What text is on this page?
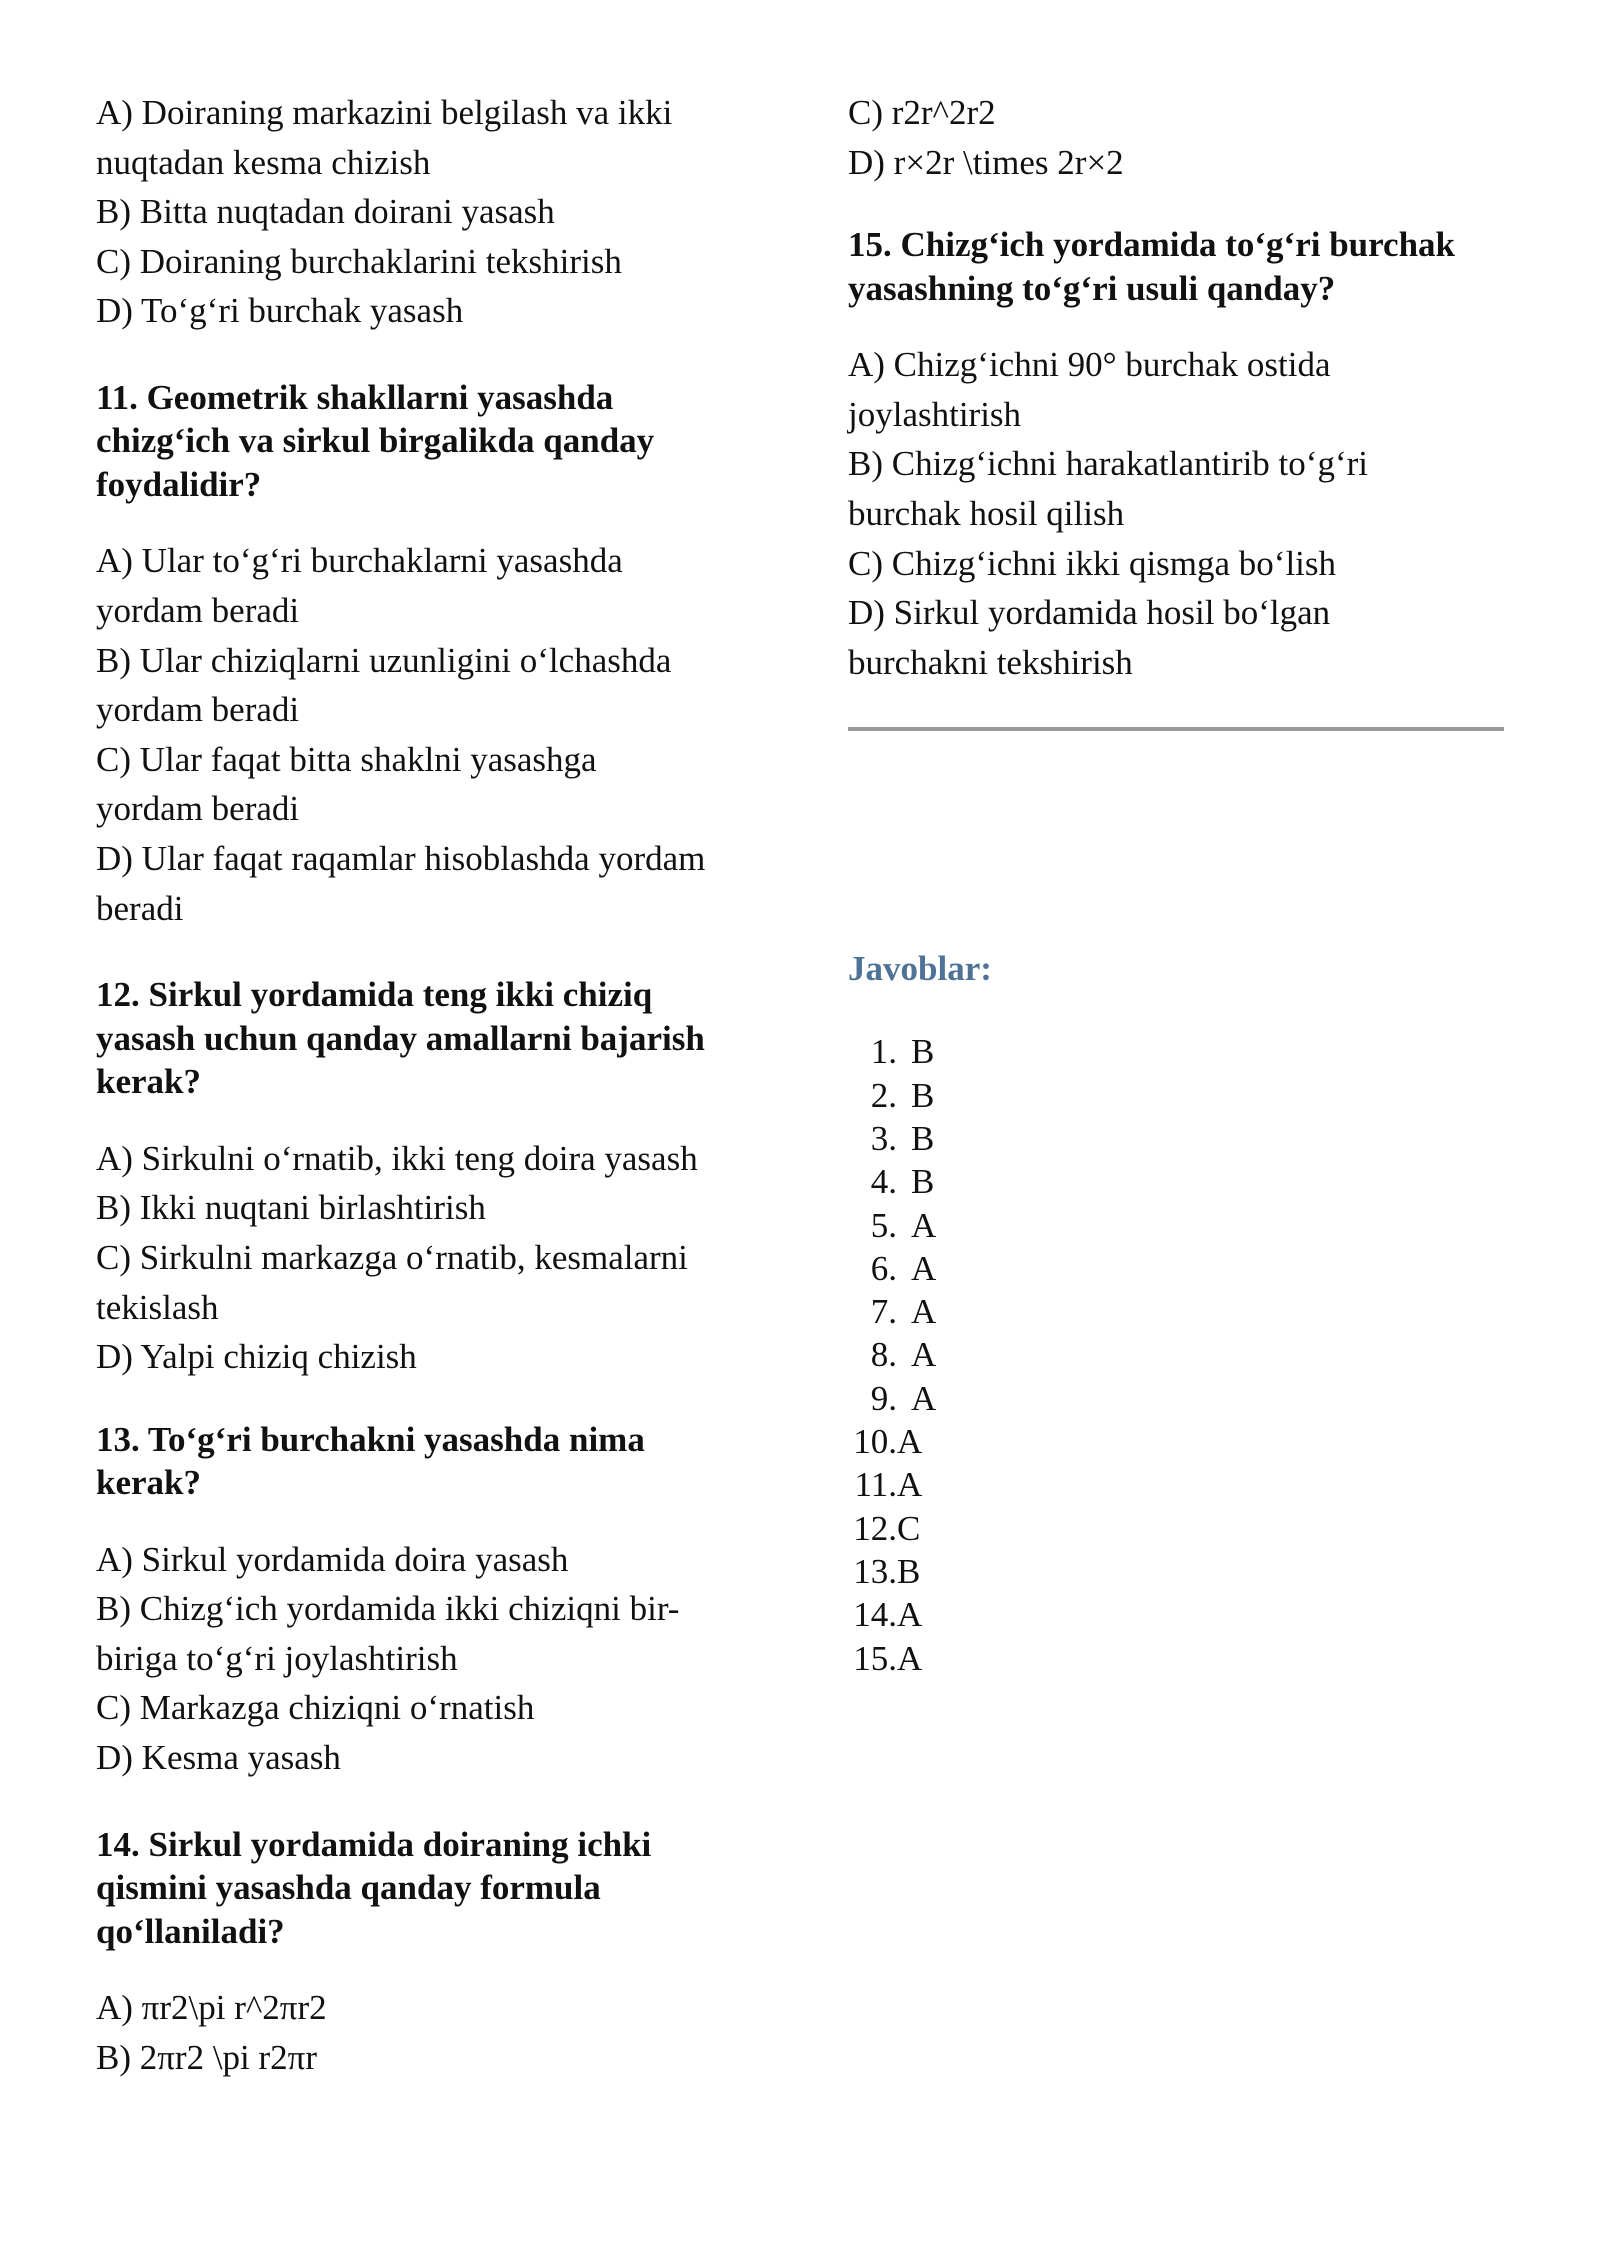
A) Doiraning markazini belgilash va ikki

nuqtadan kesma chizish

B) Bitta nuqtadan doirani yasash

C) Doiraning burchaklarini tekshirish

D) To‘g‘ri burchak yasash

11. Geometrik shakllarni yasashda

chizg‘ich va sirkul birgalikda qanday

foydalidir?

A) Ular to‘g‘ri burchaklarni yasashda

yordam beradi

B) Ular chiziqlarni uzunligini o‘lchashda

yordam beradi

C) Ular faqat bitta shaklni yasashga

yordam beradi

D) Ular faqat raqamlar hisoblashda yordam

beradi

12. Sirkul yordamida teng ikki chiziq

yasash uchun qanday amallarni bajarish

kerak?

A) Sirkulni o‘rnatib, ikki teng doira yasash

B) Ikki nuqtani birlashtirish

C) Sirkulni markazga o‘rnatib, kesmalarni

tekislash

D) Yalpi chiziq chizish

13. To‘g‘ri burchakni yasashda nima

kerak?

A) Sirkul yordamida doira yasash

B) Chizg‘ich yordamida ikki chiziqni bir-

biriga to‘g‘ri joylashtirish

C) Markazga chiziqni o‘rnatish

D) Kesma yasash

14. Sirkul yordamida doiraning ichki

qismini yasashda qanday formula

qo‘llaniladi?

A) πr2\pi r^2πr2

B) 2πr2 \pi r2πr

C) r2r^2r2

D) r×2r \times 2r×2

15. Chizg‘ich yordamida to‘g‘ri burchak

yasashning to‘g‘ri usuli qanday?

A) Chizg‘ichni 90° burchak ostida

joylashtirish

B) Chizg‘ichni harakatlantirib to‘g‘ri

burchak hosil qilish

C) Chizg‘ichni ikki qismga bo‘lish

D) Sirkul yordamida hosil bo‘lgan

burchakni tekshirish

Javoblar:

1. B
2. B
3. B
4. B
5. A
6. A
7. A
8. A
9. A
10. A
11. A
12. C
13. B
14. A
15. A
